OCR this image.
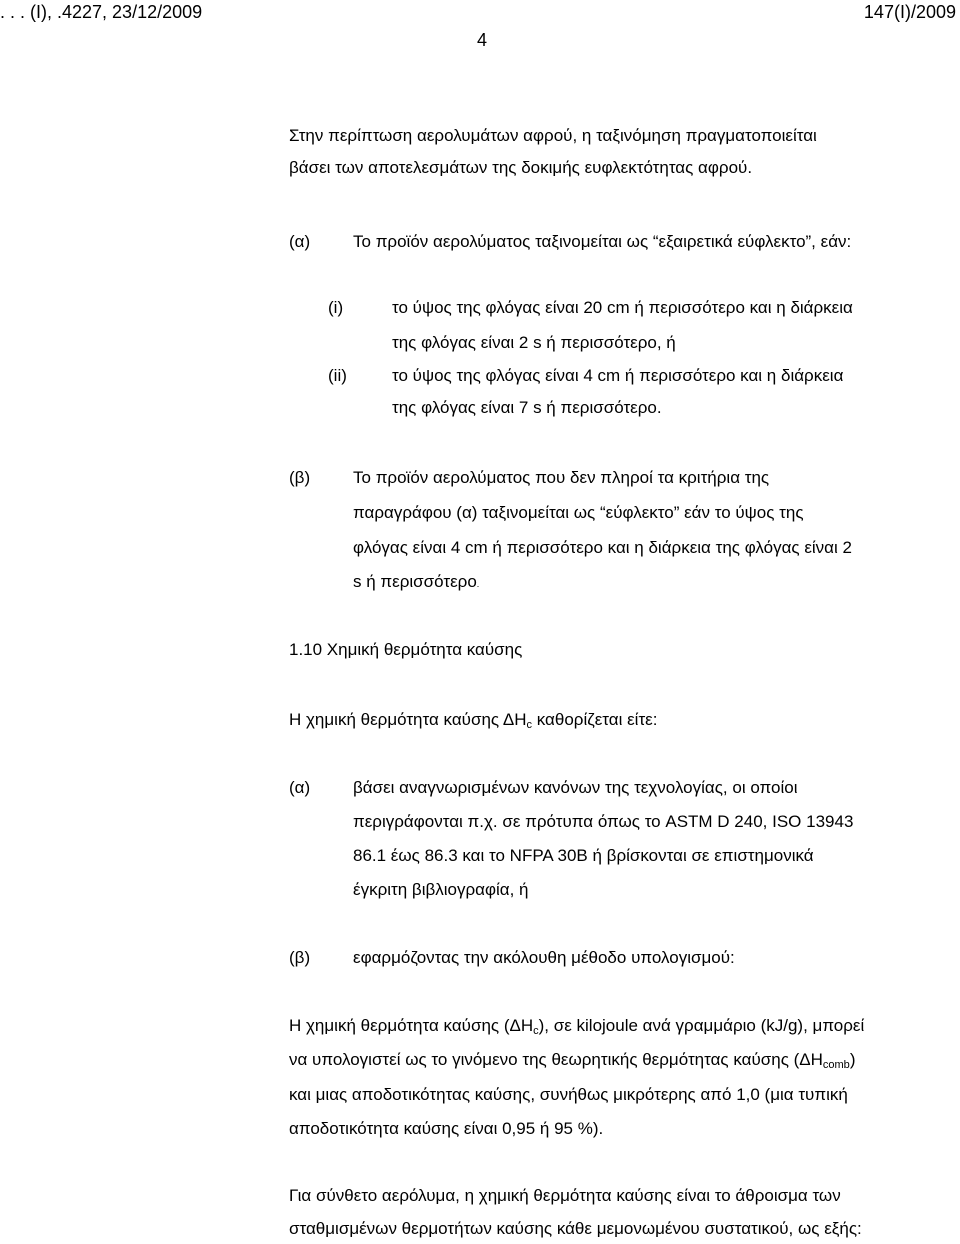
. . . (Ι), .4227, 23/12/2009	147(I)/2009
4
Στην περίπτωση αερολυμάτων αφρού, η ταξινόμηση πραγματοποιείται
βάσει των αποτελεσμάτων της δοκιμής ευφλεκτότητας αφρού.
(α)	Το προϊόν αερολύματος ταξινομείται ως “εξαιρετικά εύφλεκτο”, εάν:
(i)	το ύψος της φλόγας είναι 20 cm ή περισσότερο και η διάρκεια
της φλόγας είναι 2 s ή περισσότερο, ή
(ii)	το ύψος της φλόγας είναι 4 cm ή περισσότερο και η διάρκεια
της φλόγας είναι 7 s ή περισσότερο.
(β)	Το προϊόν αερολύματος που δεν πληροί τα κριτήρια της
παραγράφου (α) ταξινομείται ως “εύφλεκτο” εάν το ύψος της
φλόγας είναι 4 cm ή περισσότερο και η διάρκεια της φλόγας είναι 2
s ή περισσότερο.
1.10 Χημική θερμότητα καύσης
Η χημική θερμότητα καύσης $\Delta H_c$ καθορίζεται είτε:
(α)	βάσει αναγνωρισμένων κανόνων της τεχνολογίας, οι οποίοι
περιγράφονται π.χ. σε πρότυπα όπως το ASTM D 240, ISO 13943
86.1 έως 86.3 και το NFPA 30B ή βρίσκονται σε επιστημονικά
έγκριτη βιβλιογραφία, ή
(β)	εφαρμόζοντας την ακόλουθη μέθοδο υπολογισμού:
Η χημική θερμότητα καύσης $(\Delta H_c)$, σε kilojoule ανά γραμμάριο (kJ/g), μπορεί
να υπολογιστεί ως το γινόμενο της θεωρητικής θερμότητας καύσης $(\Delta H_{comb})$
και μιας αποδοτικότητας καύσης, συνήθως μικρότερης από 1,0 (μια τυπική
αποδοτικότητα καύσης είναι 0,95 ή 95 %).
Για σύνθετο αερόλυμα, η χημική θερμότητα καύσης είναι το άθροισμα των
σταθμισμένων θερμοτήτων καύσης κάθε μεμονωμένου συστατικού, ως εξής:
